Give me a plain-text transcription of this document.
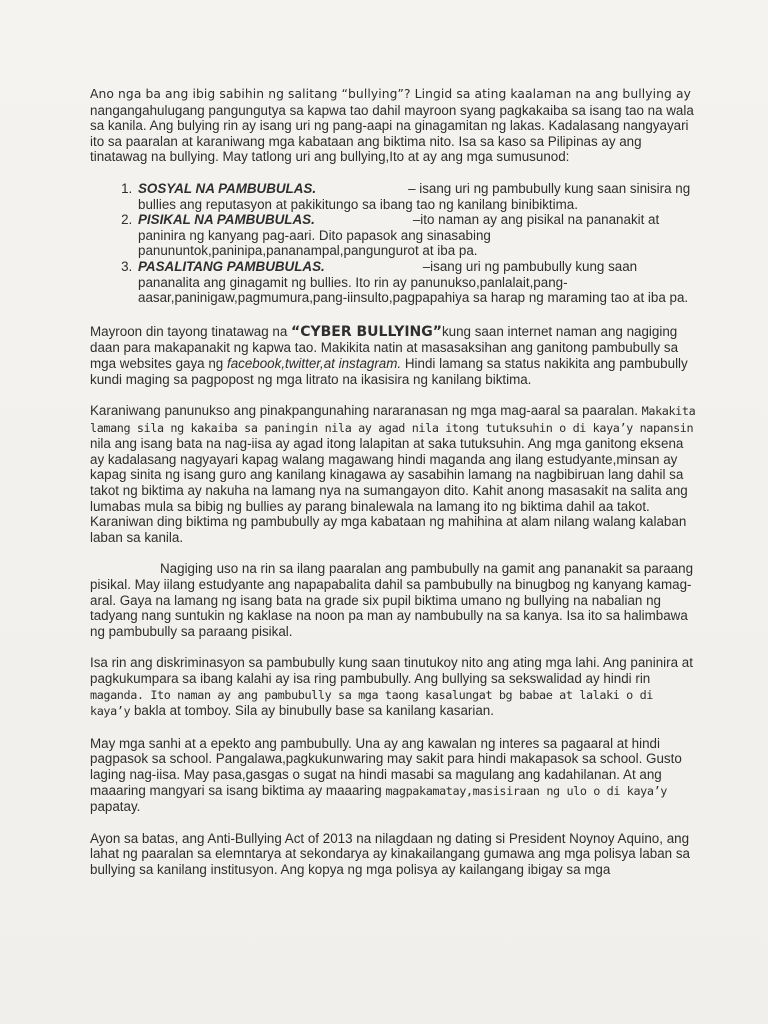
Ano nga ba ang ibig sabihin ng salitang “bullying”? Lingid sa ating kaalaman na ang bullying ay nangangahulugang pangungutya sa kapwa tao dahil mayroon syang pagkakaiba sa isang tao na wala sa kanila. Ang bulying rin ay isang uri ng pang-aapi na ginagamitan ng lakas. Kadalasang nangyayari ito sa paaralan at karaniwang mga kabataan ang biktima nito. Isa sa kaso sa Pilipinas ay ang tinatawag na bullying. May tatlong uri ang bullying,Ito at ay ang mga sumusunod:

1. SOSYAL NA PAMBUBULAS.	– isang uri ng pambubully kung saan sinisira ng bullies ang reputasyon at pakikitungo sa ibang tao ng kanilang binibiktima.
2. PISIKAL NA PAMBUBULAS.	–ito naman ay ang pisikal na pananakit at paninira ng kanyang pag-aari. Dito papasok ang sinasabing panununtok,paninipa,pananampal,pangungurot at iba pa.
3. PASALITANG PAMBUBULAS.	–isang uri ng pambubully kung saan pananalita ang ginagamit ng bullies. Ito rin ay panunukso,panlalait,pang-aasar,paninigaw,pagmumura,pang-iinsulto,pagpapahiya sa harap ng maraming tao at iba pa.

Mayroon din tayong tinatawag na “CYBER BULLYING”kung saan internet naman ang nagiging daan para makapanakit ng kapwa tao. Makikita natin at masasaksihan ang ganitong pambubully sa mga websites gaya ng facebook,twitter,at instagram. Hindi lamang sa status nakikita ang pambubully kundi maging sa pagpopost ng mga litrato na ikasisira ng kanilang biktima.

Karaniwang panunukso ang pinakpangunahing nararanasan ng mga mag-aaral sa paaralan. Makakita lamang sila ng kakaiba sa paningin nila ay agad nila itong tutuksuhin o di kaya’y napansin nila ang isang bata na nag-iisa ay agad itong lalapitan at saka tutuksuhin. Ang mga ganitong eksena ay kadalasang nagyayari kapag walang magawang hindi maganda ang ilang estudyante,minsan ay kapag sinita ng isang guro ang kanilang kinagawa ay sasabihin lamang na nagbibiruan lang dahil sa takot ng biktima ay nakuha na lamang nya na sumangayon dito. Kahit anong masasakit na salita ang lumabas mula sa bibig ng bullies ay parang binalewala na lamang ito ng biktima dahil aa takot. Karaniwan ding biktima ng pambubully ay mga kabataan ng mahihina at alam nilang walang kalaban laban sa kanila.

Nagiging uso na rin sa ilang paaralan ang pambubully na gamit ang pananakit sa paraang pisikal. May iilang estudyante ang napapabalita dahil sa pambubully na binugbog ng kanyang kamag-aral. Gaya na lamang ng isang bata na grade six pupil biktima umano ng bullying na nabalian ng tadyang nang suntukin ng kaklase na noon pa man ay nambubully na sa kanya. Isa ito sa halimbawa ng pambubully sa paraang pisikal.

Isa rin ang diskriminasyon sa pambubully kung saan tinutukoy nito ang ating mga lahi. Ang paninira at pagkukumpara sa ibang kalahi ay isa ring pambubully. Ang bullying sa sekswalidad ay hindi rin maganda. Ito naman ay ang pambubully sa mga taong kasalungat bg babae at lalaki o di kaya’y bakla at tomboy. Sila ay binubully base sa kanilang kasarian.

May mga sanhi at a epekto ang pambubully. Una ay ang kawalan ng interes sa pagaaral at hindi pagpasok sa school. Pangalawa,pagkukunwaring may sakit para hindi makapasok sa school. Gusto laging nag-iisa. May pasa,gasgas o sugat na hindi masabi sa magulang ang kadahilanan. At ang maaaring mangyari sa isang biktima ay maaaring magpakamatay,masisiraan ng ulo o di kaya’y papatay.

Ayon sa batas, ang Anti-Bullying Act of 2013 na nilagdaan ng dating si President Noynoy Aquino, ang lahat ng paaralan sa elemntarya at sekondarya ay kinakailangang gumawa ang mga polisya laban sa bullying sa kanilang institusyon. Ang kopya ng mga polisya ay kailangang ibigay sa mga
